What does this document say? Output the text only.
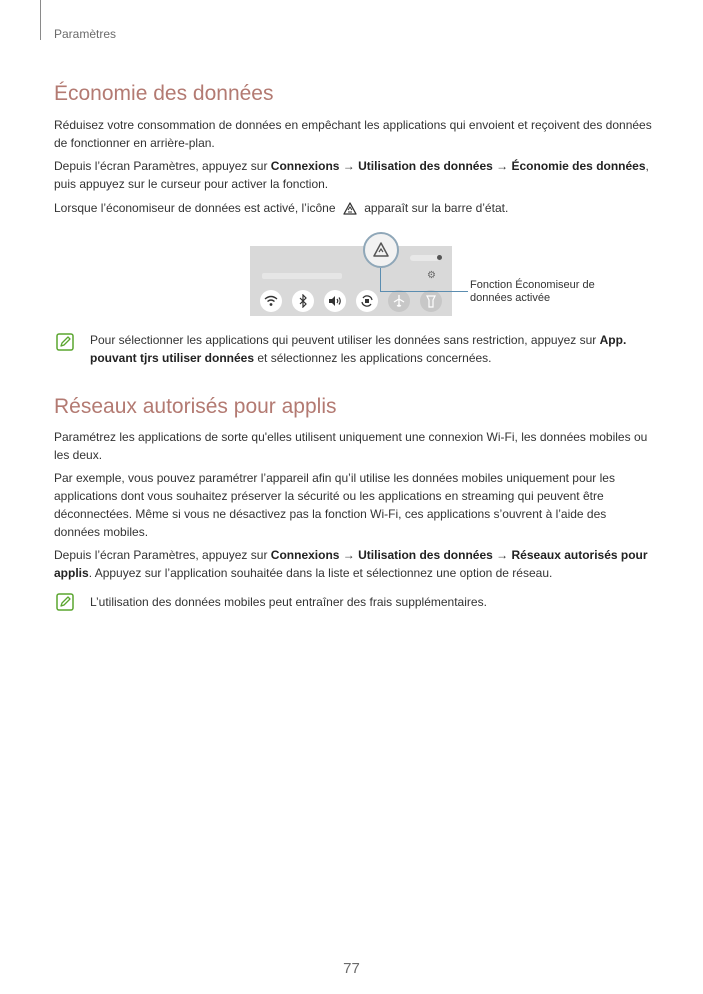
Paramètres
Économie des données
Réduisez votre consommation de données en empêchant les applications qui envoient et reçoivent des données de fonctionner en arrière-plan.
Depuis l’écran Paramètres, appuyez sur Connexions → Utilisation des données → Économie des données, puis appuyez sur le curseur pour activer la fonction.
Lorsque l’économiseur de données est activé, l’icône apparaît sur la barre d’état.
⚙
Fonction Économiseur de données activée
Pour sélectionner les applications qui peuvent utiliser les données sans restriction, appuyez sur App. pouvant tjrs utiliser données et sélectionnez les applications concernées.
Réseaux autorisés pour applis
Paramétrez les applications de sorte qu'elles utilisent uniquement une connexion Wi-Fi, les données mobiles ou les deux.
Par exemple, vous pouvez paramétrer l’appareil afin qu’il utilise les données mobiles uniquement pour les applications dont vous souhaitez préserver la sécurité ou les applications en streaming qui peuvent être déconnectées. Même si vous ne désactivez pas la fonction Wi-Fi, ces applications s’ouvrent à l’aide des données mobiles.
Depuis l’écran Paramètres, appuyez sur Connexions → Utilisation des données → Réseaux autorisés pour applis. Appuyez sur l’application souhaitée dans la liste et sélectionnez une option de réseau.
L’utilisation des données mobiles peut entraîner des frais supplémentaires.
77
